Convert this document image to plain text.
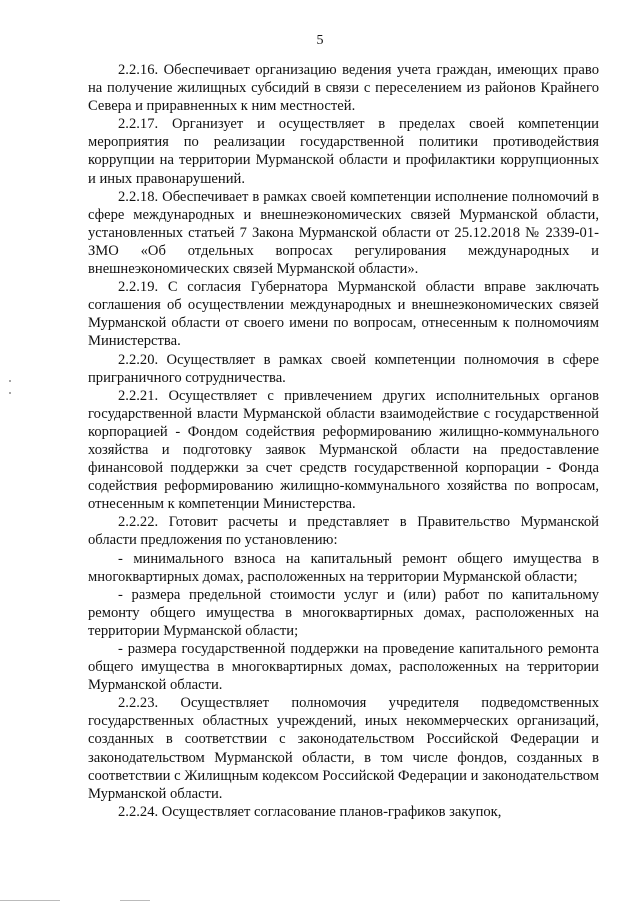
5

2.2.16. Обеспечивает организацию ведения учета граждан, имеющих право на получение жилищных субсидий в связи с переселением из районов Крайнего Севера и приравненных к ним местностей.

2.2.17. Организует и осуществляет в пределах своей компетенции мероприятия по реализации государственной политики противодействия коррупции на территории Мурманской области и профилактики коррупционных и иных правонарушений.

2.2.18. Обеспечивает в рамках своей компетенции исполнение полномочий в сфере международных и внешнеэкономических связей Мурманской области, установленных статьей 7 Закона Мурманской области от 25.12.2018 № 2339-01-ЗМО «Об отдельных вопросах регулирования международных и внешнеэкономических связей Мурманской области».

2.2.19. С согласия Губернатора Мурманской области вправе заключать соглашения об осуществлении международных и внешнеэкономических связей Мурманской области от своего имени по вопросам, отнесенным к полномочиям Министерства.

2.2.20. Осуществляет в рамках своей компетенции полномочия в сфере приграничного сотрудничества.

2.2.21. Осуществляет с привлечением других исполнительных органов государственной власти Мурманской области взаимодействие с государственной корпорацией - Фондом содействия реформированию жилищно-коммунального хозяйства и подготовку заявок Мурманской области на предоставление финансовой поддержки за счет средств государственной корпорации - Фонда содействия реформированию жилищно-коммунального хозяйства по вопросам, отнесенным к компетенции Министерства.

2.2.22. Готовит расчеты и представляет в Правительство Мурманской области предложения по установлению:

- минимального взноса на капитальный ремонт общего имущества в многоквартирных домах, расположенных на территории Мурманской области;

- размера предельной стоимости услуг и (или) работ по капитальному ремонту общего имущества в многоквартирных домах, расположенных на территории Мурманской области;

- размера государственной поддержки на проведение капитального ремонта общего имущества в многоквартирных домах, расположенных на территории Мурманской области.

2.2.23. Осуществляет полномочия учредителя подведомственных государственных областных учреждений, иных некоммерческих организаций, созданных в соответствии с законодательством Российской Федерации и законодательством Мурманской области, в том числе фондов, созданных в соответствии с Жилищным кодексом Российской Федерации и законодательством Мурманской области.

2.2.24. Осуществляет согласование планов-графиков закупок,
